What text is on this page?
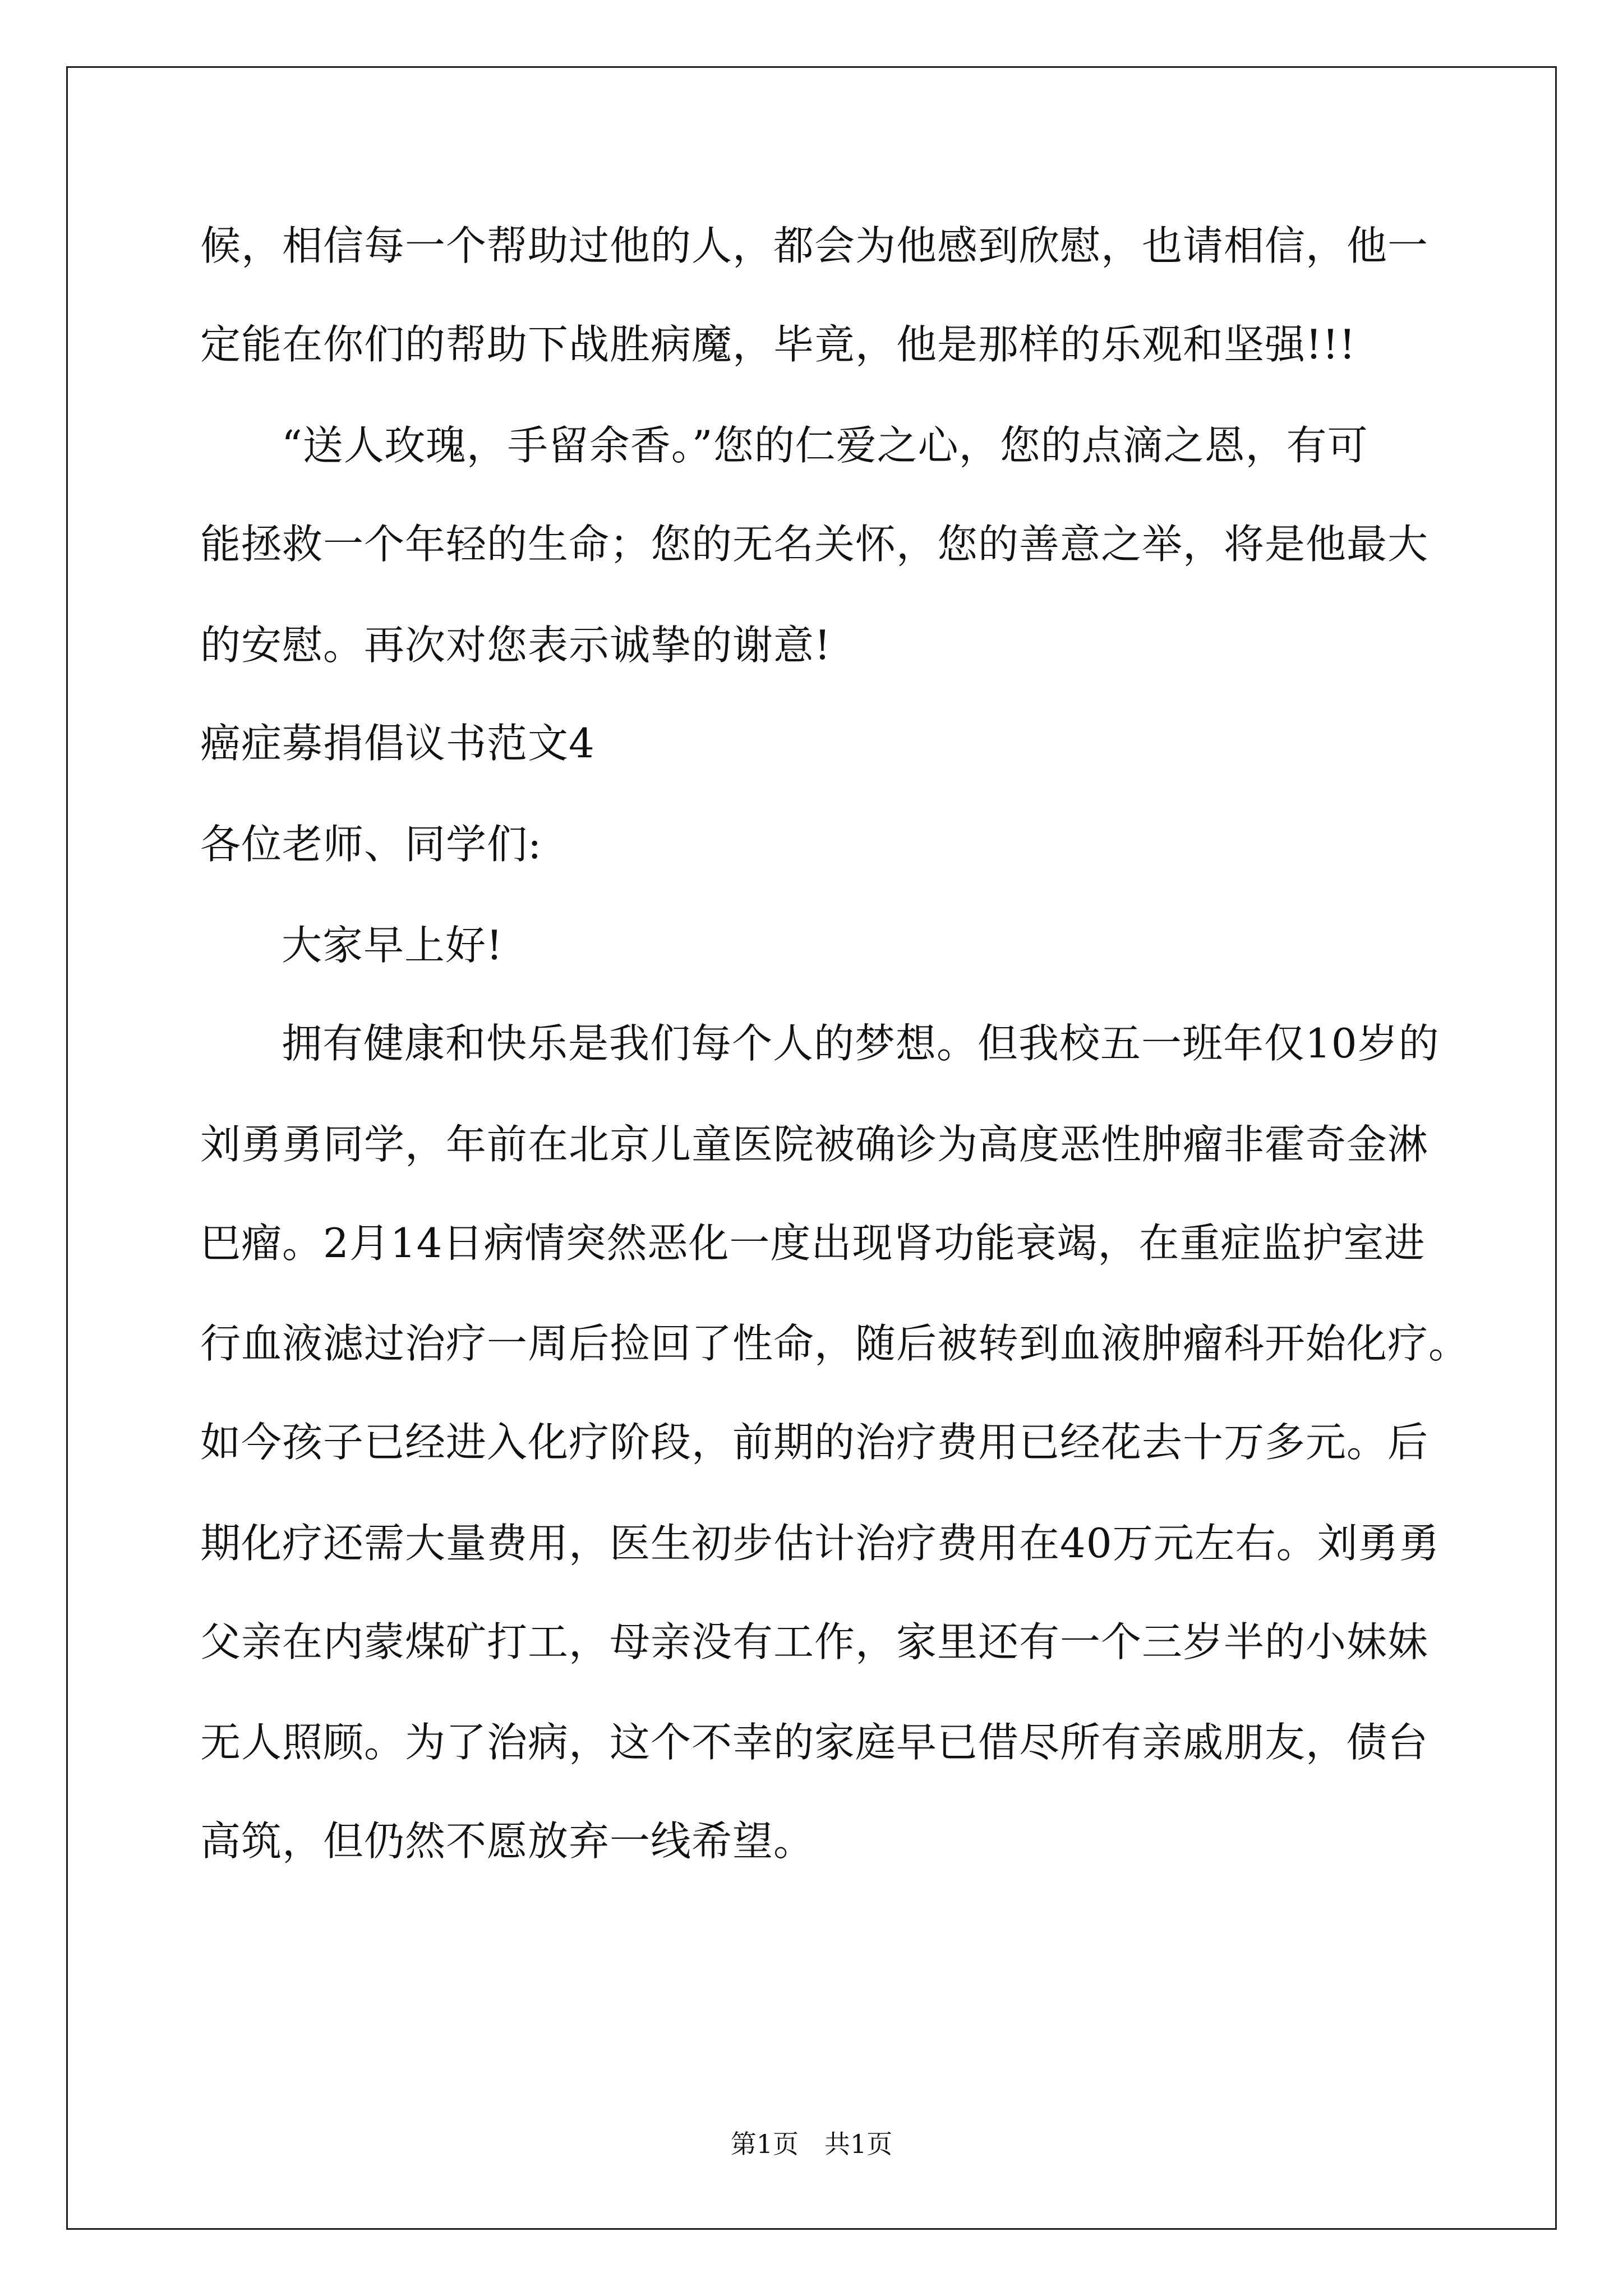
候，相信每一个帮助过他的人，都会为他感到欣慰，也请相信，他一
定能在你们的帮助下战胜病魔，毕竟，他是那样的乐观和坚强!!!
“送人玫瑰，手留余香。”您的仁爱之心，您的点滴之恩，有可
能拯救一个年轻的生命；您的无名关怀，您的善意之举，将是他最大
的安慰。再次对您表示诚挚的谢意!
癌症募捐倡议书范文4
各位老师、同学们:
大家早上好!
拥有健康和快乐是我们每个人的梦想。但我校五一班年仅10岁的
刘勇勇同学，年前在北京儿童医院被确诊为高度恶性肿瘤非霍奇金淋
巴瘤。2月14日病情突然恶化一度出现肾功能衰竭，在重症监护室进
行血液滤过治疗一周后捡回了性命，随后被转到血液肿瘤科开始化疗。
如今孩子已经进入化疗阶段，前期的治疗费用已经花去十万多元。后
期化疗还需大量费用，医生初步估计治疗费用在40万元左右。刘勇勇
父亲在内蒙煤矿打工，母亲没有工作，家里还有一个三岁半的小妹妹
无人照顾。为了治病，这个不幸的家庭早已借尽所有亲戚朋友，债台
高筑，但仍然不愿放弃一线希望。
第1页　共1页
